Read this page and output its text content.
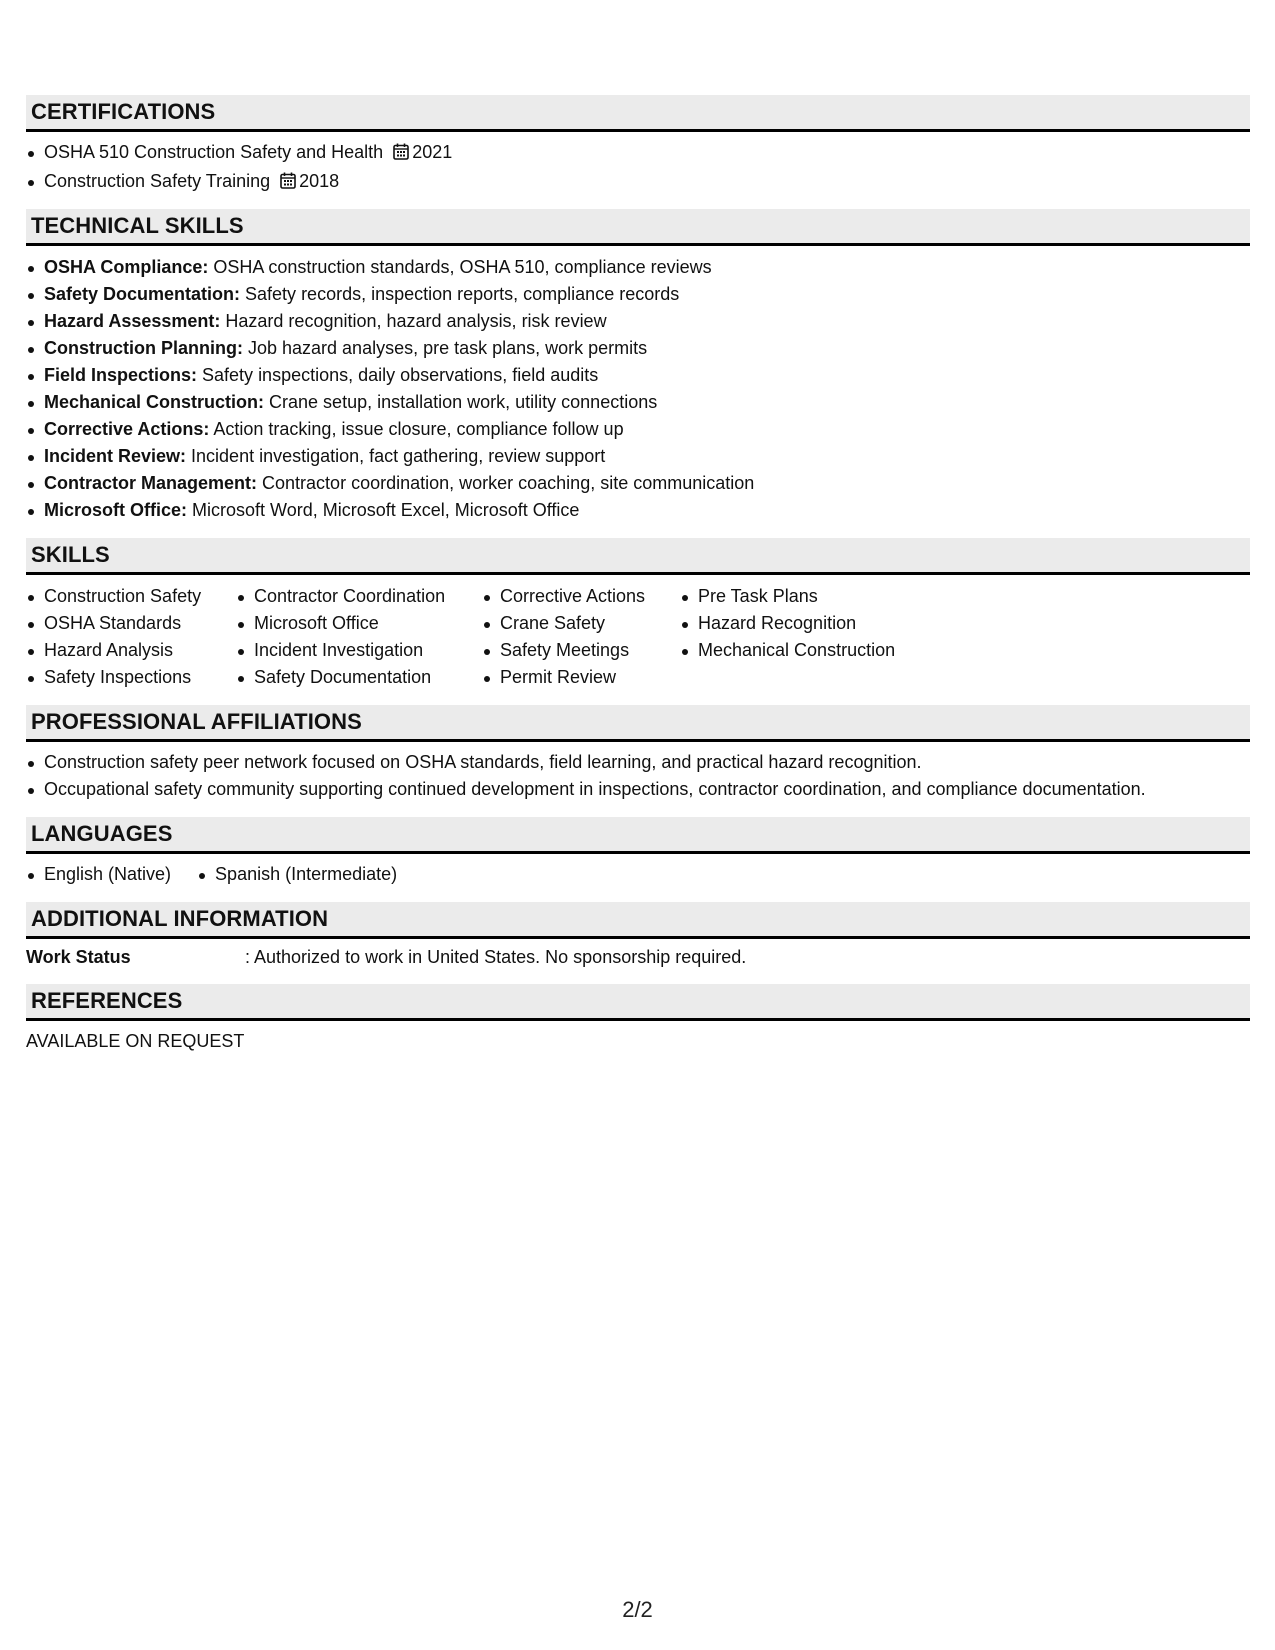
CERTIFICATIONS
OSHA 510 Construction Safety and Health 2021
Construction Safety Training 2018
TECHNICAL SKILLS
OSHA Compliance: OSHA construction standards, OSHA 510, compliance reviews
Safety Documentation: Safety records, inspection reports, compliance records
Hazard Assessment: Hazard recognition, hazard analysis, risk review
Construction Planning: Job hazard analyses, pre task plans, work permits
Field Inspections: Safety inspections, daily observations, field audits
Mechanical Construction: Crane setup, installation work, utility connections
Corrective Actions: Action tracking, issue closure, compliance follow up
Incident Review: Incident investigation, fact gathering, review support
Contractor Management: Contractor coordination, worker coaching, site communication
Microsoft Office: Microsoft Word, Microsoft Excel, Microsoft Office
SKILLS
Construction Safety
OSHA Standards
Hazard Analysis
Safety Inspections
Contractor Coordination
Microsoft Office
Incident Investigation
Safety Documentation
Corrective Actions
Crane Safety
Safety Meetings
Permit Review
Pre Task Plans
Hazard Recognition
Mechanical Construction
PROFESSIONAL AFFILIATIONS
Construction safety peer network focused on OSHA standards, field learning, and practical hazard recognition.
Occupational safety community supporting continued development in inspections, contractor coordination, and compliance documentation.
LANGUAGES
English (Native)	Spanish (Intermediate)
ADDITIONAL INFORMATION
Work Status	: Authorized to work in United States. No sponsorship required.
REFERENCES
AVAILABLE ON REQUEST
2/2
